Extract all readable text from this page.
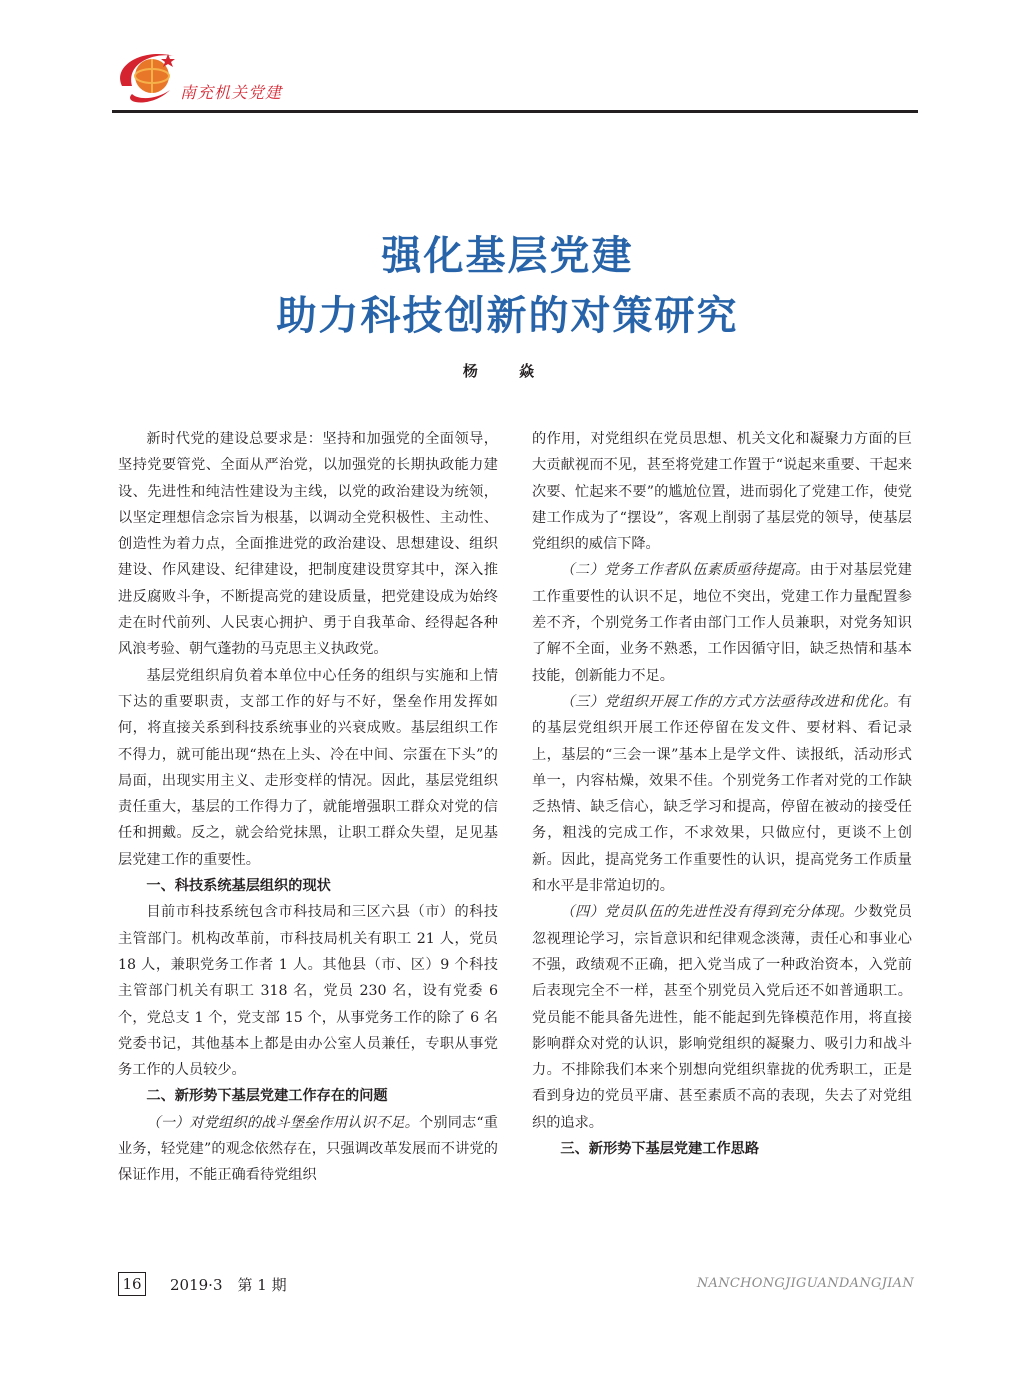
南充机关党建
强化基层党建
助力科技创新的对策研究
杨 焱

新时代党的建设总要求是：坚持和加强党的全面领导，坚持党要管党、全面从严治党，以加强党的长期执政能力建设、先进性和纯洁性建设为主线，以党的政治建设为统领，以坚定理想信念宗旨为根基，以调动全党积极性、主动性、创造性为着力点，全面推进党的政治建设、思想建设、组织建设、作风建设、纪律建设，把制度建设贯穿其中，深入推进反腐败斗争，不断提高党的建设质量，把党建设成为始终走在时代前列、人民衷心拥护、勇于自我革命、经得起各种风浪考验、朝气蓬勃的马克思主义执政党。

基层党组织肩负着本单位中心任务的组织与实施和上情下达的重要职责，支部工作的好与不好，堡垒作用发挥如何，将直接关系到科技系统事业的兴衰成败。基层组织工作不得力，就可能出现“热在上头、冷在中间、宗蛋在下头”的局面，出现实用主义、走形变样的情况。因此，基层党组织责任重大，基层的工作得力了，就能增强职工群众对党的信任和拥戴。反之，就会给党抹黑，让职工群众失望，足见基层党建工作的重要性。

一、科技系统基层组织的现状

目前市科技系统包含市科技局和三区六县（市）的科技主管部门。机构改革前，市科技局机关有职工 21 人，党员 18 人，兼职党务工作者 1 人。其他县（市、区）9 个科技主管部门机关有职工 318 名，党员 230 名，设有党委 6 个，党总支 1 个，党支部 15 个，从事党务工作的除了 6 名党委书记，其他基本上都是由办公室人员兼任，专职从事党务工作的人员较少。

二、新形势下基层党建工作存在的问题

（一）对党组织的战斗堡垒作用认识不足。个别同志“重业务，轻党建”的观念依然存在，只强调改革发展而不讲党的保证作用，不能正确看待党组织

的作用，对党组织在党员思想、机关文化和凝聚力方面的巨大贡献视而不见，甚至将党建工作置于“说起来重要、干起来次要、忙起来不要”的尴尬位置，进而弱化了党建工作，使党建工作成为了“摆设”，客观上削弱了基层党的领导，使基层党组织的威信下降。

（二）党务工作者队伍素质亟待提高。由于对基层党建工作重要性的认识不足，地位不突出，党建工作力量配置参差不齐，个别党务工作者由部门工作人员兼职，对党务知识了解不全面，业务不熟悉，工作因循守旧，缺乏热情和基本技能，创新能力不足。

（三）党组织开展工作的方式方法亟待改进和优化。有的基层党组织开展工作还停留在发文件、要材料、看记录上，基层的“三会一课”基本上是学文件、读报纸，活动形式单一，内容枯燥，效果不佳。个别党务工作者对党的工作缺乏热情、缺乏信心，缺乏学习和提高，停留在被动的接受任务，粗浅的完成工作，不求效果，只做应付，更谈不上创新。因此，提高党务工作重要性的认识，提高党务工作质量和水平是非常迫切的。

（四）党员队伍的先进性没有得到充分体现。少数党员忽视理论学习，宗旨意识和纪律观念淡薄，责任心和事业心不强，政绩观不正确，把入党当成了一种政治资本，入党前后表现完全不一样，甚至个别党员入党后还不如普通职工。党员能不能具备先进性，能不能起到先锋模范作用，将直接影响群众对党的认识，影响党组织的凝聚力、吸引力和战斗力。不排除我们本来个别想向党组织靠拢的优秀职工，正是看到身边的党员平庸、甚至素质不高的表现，失去了对党组织的追求。

三、新形势下基层党建工作思路
16 2019·3　第 1 期	NANCHONGJIGUANDANGJIAN
